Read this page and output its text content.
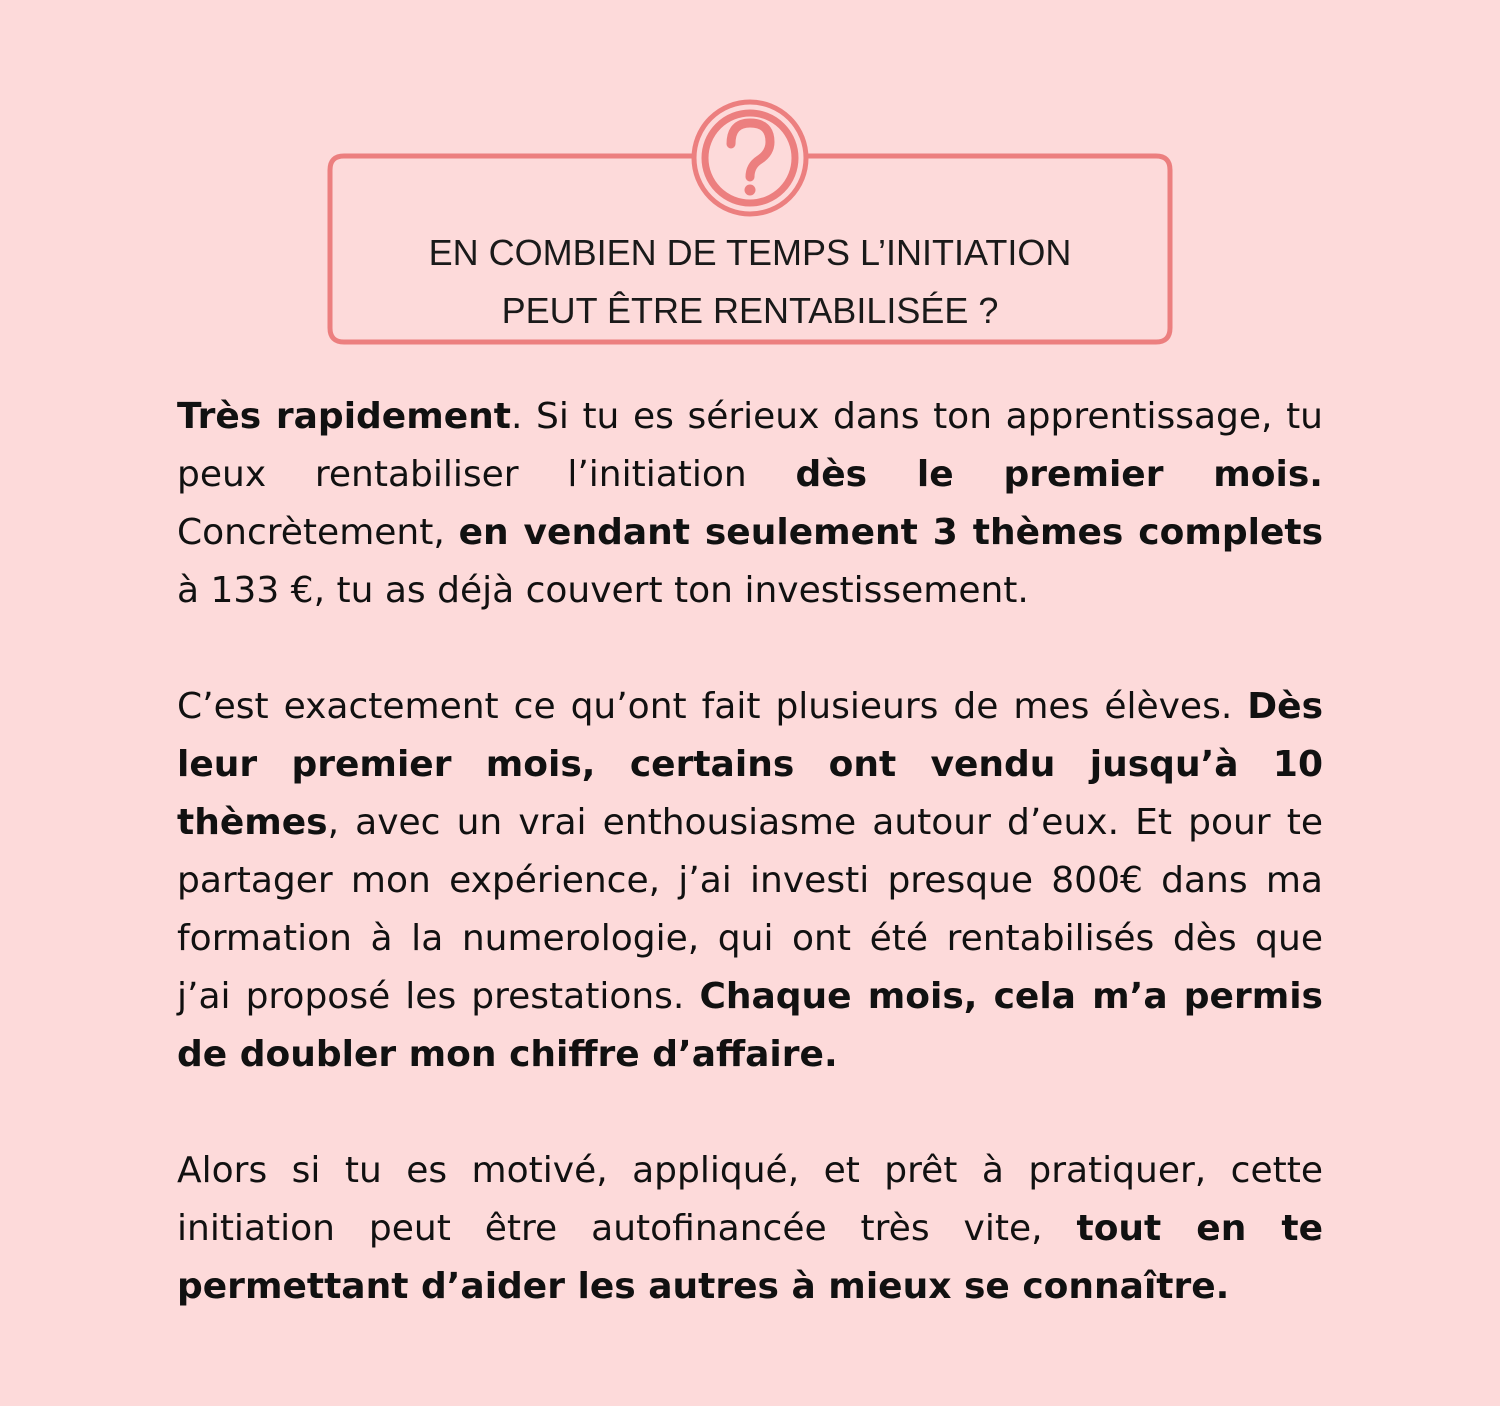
EN COMBIEN DE TEMPS L’INITIATION
PEUT ÊTRE RENTABILISÉE ?

Très rapidement. Si tu es sérieux dans ton apprentissage, tu peux rentabiliser l’initiation dès le premier mois. Concrètement, en vendant seulement 3 thèmes complets à 133 €, tu as déjà couvert ton investissement.

C’est exactement ce qu’ont fait plusieurs de mes élèves. Dès leur premier mois, certains ont vendu jusqu’à 10 thèmes, avec un vrai enthousiasme autour d’eux. Et pour te partager mon expérience, j’ai investi presque 800€ dans ma formation à la numerologie, qui ont été rentabilisés dès que j’ai proposé les prestations. Chaque mois, cela m’a permis de doubler mon chiffre d’affaire.

Alors si tu es motivé, appliqué, et prêt à pratiquer, cette initiation peut être autofinancée très vite, tout en te permettant d’aider les autres à mieux se connaître.
